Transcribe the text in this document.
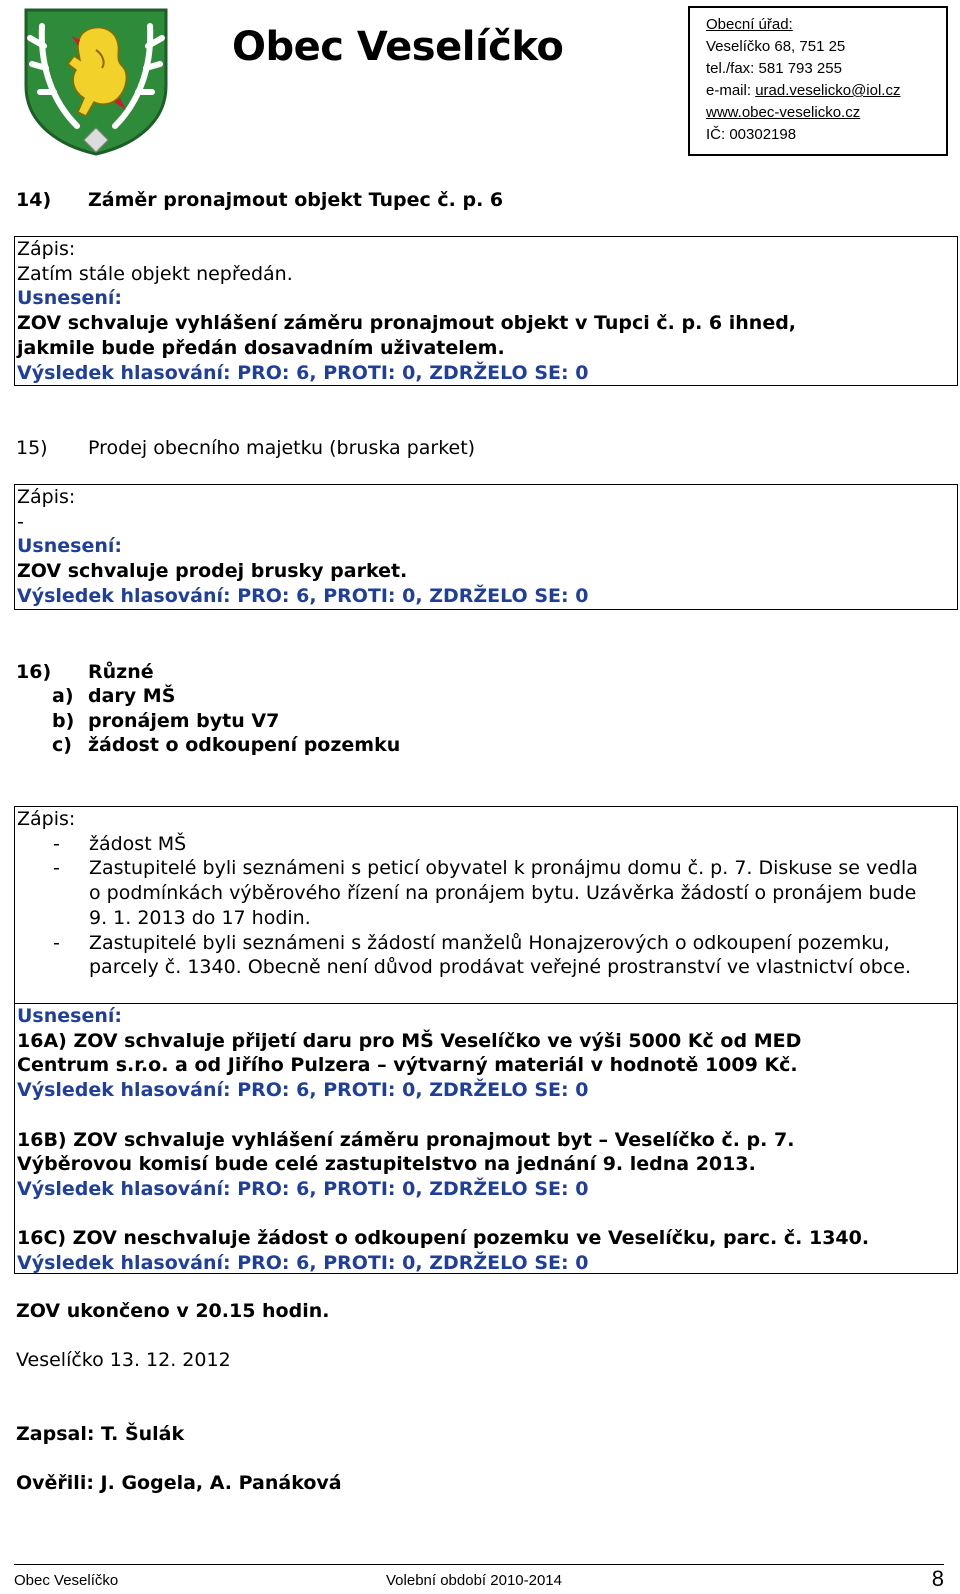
Obec Veselíčko	Obecní úřad:
Veselíčko 68, 751 25
tel./fax: 581 793 255
e-mail: urad.veselicko@iol.cz
www.obec-veselicko.cz
IČ: 00302198
14) Záměr pronajmout objekt Tupec č. p. 6
Zápis:
Zatím stále objekt nepředán.
Usnesení:
ZOV schvaluje vyhlášení záměru pronajmout objekt v Tupci č. p. 6 ihned,
jakmile bude předán dosavadním uživatelem.
Výsledek hlasování: PRO: 6, PROTI: 0, ZDRŽELO SE: 0
15) Prodej obecního majetku (bruska parket)
Zápis:
-
Usnesení:
ZOV schvaluje prodej brusky parket.
Výsledek hlasování: PRO: 6, PROTI: 0, ZDRŽELO SE: 0
16) Různé
a) dary MŠ
b) pronájem bytu V7
c) žádost o odkoupení pozemku
Zápis:
-	žádost MŠ
-	Zastupitelé byli seznámeni s peticí obyvatel k pronájmu domu č. p. 7. Diskuse se vedla o podmínkách výběrového řízení na pronájem bytu. Uzávěrka žádostí o pronájem bude 9. 1. 2013 do 17 hodin.
-	Zastupitelé byli seznámeni s žádostí manželů Honajzerových o odkoupení pozemku, parcely č. 1340. Obecně není důvod prodávat veřejné prostranství ve vlastnictví obce.
Usnesení:
16A) ZOV schvaluje přijetí daru pro MŠ Veselíčko ve výši 5000 Kč od MED
Centrum s.r.o. a od Jiřího Pulzera – výtvarný materiál v hodnotě 1009 Kč.
Výsledek hlasování: PRO: 6, PROTI: 0, ZDRŽELO SE: 0
16B) ZOV schvaluje vyhlášení záměru pronajmout byt – Veselíčko č. p. 7.
Výběrovou komisí bude celé zastupitelstvo na jednání 9. ledna 2013.
Výsledek hlasování: PRO: 6, PROTI: 0, ZDRŽELO SE: 0
16C) ZOV neschvaluje žádost o odkoupení pozemku ve Veselíčku, parc. č. 1340.
Výsledek hlasování: PRO: 6, PROTI: 0, ZDRŽELO SE: 0
ZOV ukončeno v 20.15 hodin.
Veselíčko 13. 12. 2012
Zapsal: T. Šulák
Ověřili: J. Gogela, A. Panáková
Obec Veselíčko	Volební období 2010-2014	8
